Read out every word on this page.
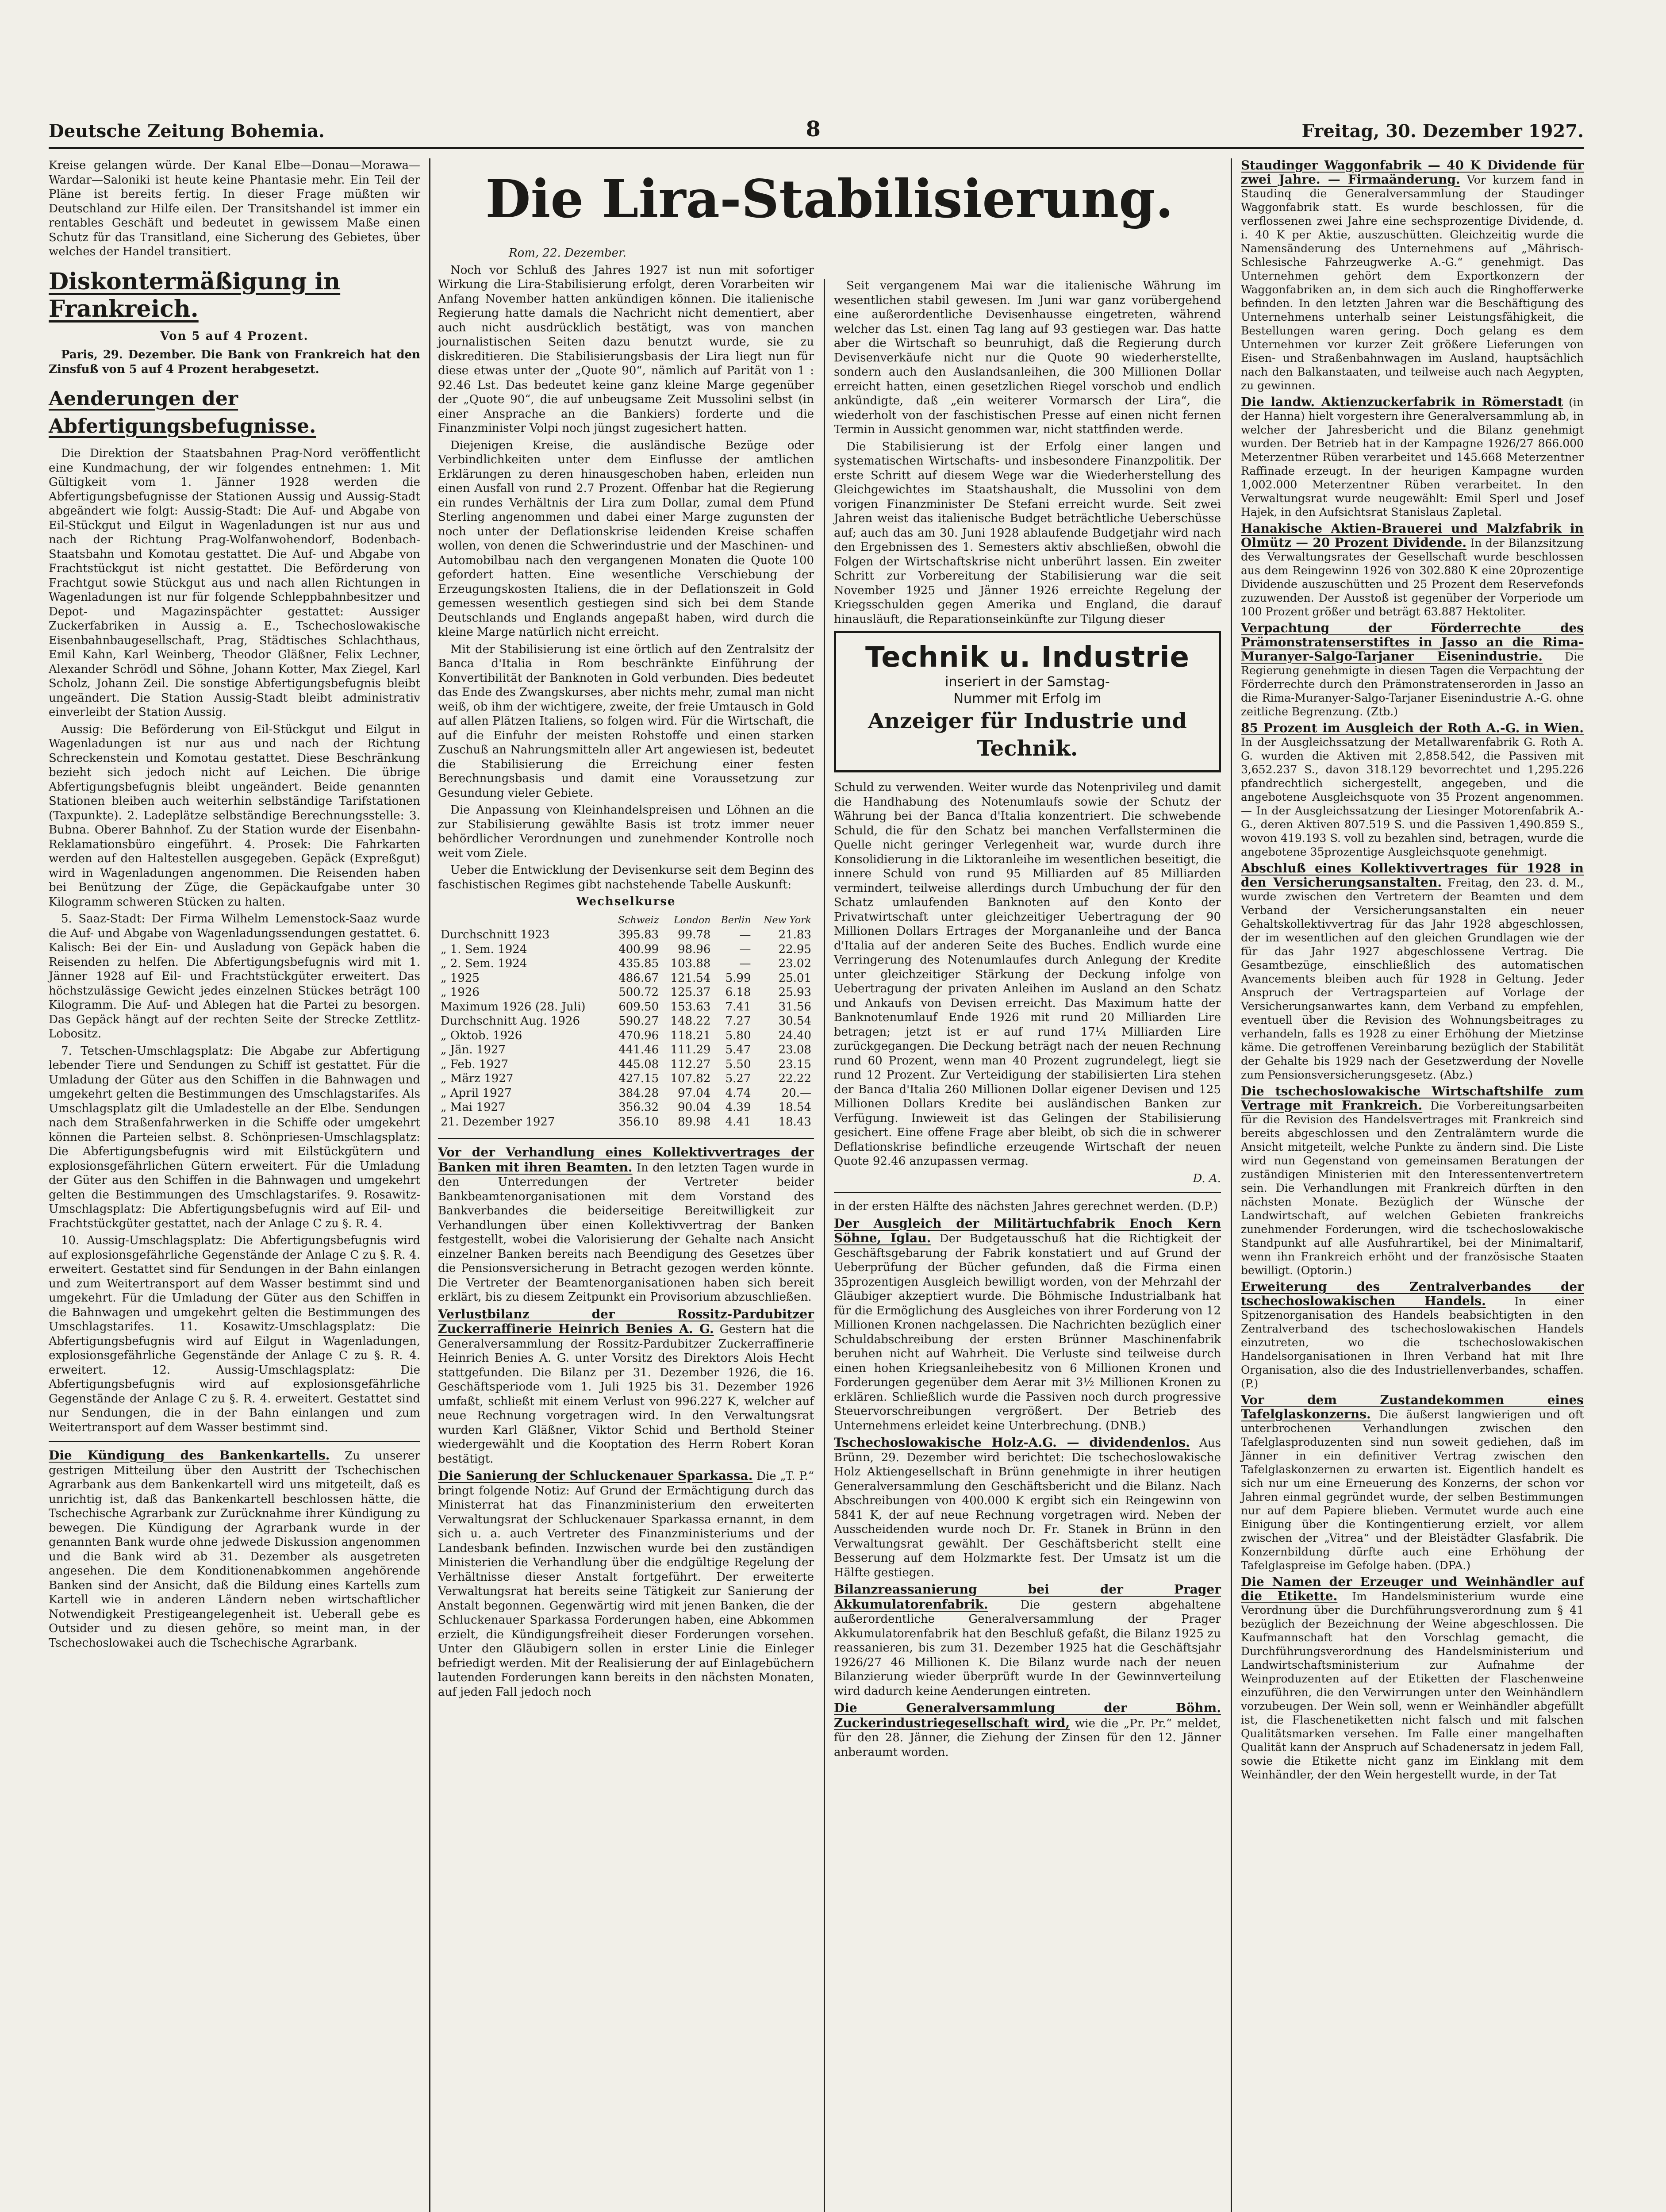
Deutsche Zeitung Bohemia.	8	Freitag, 30. Dezember 1927.

Kreise gelangen würde. Der Kanal Elbe—Donau—Morawa—Wardar—Saloniki ist heute keine Phantasie mehr. Ein Teil der Pläne ist bereits fertig. In dieser Frage müßten wir Deutschland zur Hilfe eilen. Der Transitshandel ist immer ein rentables Geschäft und bedeutet in gewissem Maße einen Schutz für das Transitland, eine Sicherung des Gebietes, über welches der Handel transitiert.

Diskontermäßigung in Frankreich.
Von 5 auf 4 Prozent.

Paris, 29. Dezember. Die Bank von Frankreich hat den Zinsfuß von 5 auf 4 Prozent herabgesetzt.

Aenderungen der Abfertigungsbefugnisse.

Die Direktion der Staatsbahnen Prag-Nord veröffentlicht eine Kundmachung, der wir folgendes entnehmen: 1. Mit Gültigkeit vom 1. Jänner 1928 werden die Abfertigungsbefugnisse der Stationen Aussig und Aussig-Stadt abgeändert wie folgt: Aussig-Stadt: Die Auf- und Abgabe von Eil-Stückgut und Eilgut in Wagenladungen ist nur aus und nach der Richtung Prag-Wolfanwohendorf, Bodenbach-Staatsbahn und Komotau gestattet. Die Auf- und Abgabe von Frachtstückgut ist nicht gestattet. Die Beförderung von Frachtgut sowie Stückgut aus und nach allen Richtungen in Wagenladungen ist nur für folgende Schleppbahnbesitzer und Depot- und Magazinspächter gestattet: Aussiger Zuckerfabriken in Aussig a. E., Tschechoslowakische Eisenbahnbaugesellschaft, Prag, Städtisches Schlachthaus, Emil Kahn, Karl Weinberg, Theodor Gläßner, Felix Lechner, Alexander Schrödl und Söhne, Johann Kotter, Max Ziegel, Karl Scholz, Johann Zeil. Die sonstige Abfertigungsbefugnis bleibt ungeändert. Die Station Aussig-Stadt bleibt administrativ einverleibt der Station Aussig.

Aussig: Die Beförderung von Eil-Stückgut und Eilgut in Wagenladungen ist nur aus und nach der Richtung Schreckenstein und Komotau gestattet. Diese Beschränkung bezieht sich jedoch nicht auf Leichen. Die übrige Abfertigungsbefugnis bleibt ungeändert. Beide genannten Stationen bleiben auch weiterhin selbständige Tarifstationen (Taxpunkte). 2. Ladeplätze selbständige Berechnungsstelle: 3. Bubna. Oberer Bahnhof. Zu der Station wurde der Eisenbahn-Reklamationsbüro eingeführt. 4. Prosek: Die Fahrkarten werden auf den Haltestellen ausgegeben. Gepäck (Expreßgut) wird in Wagenladungen angenommen. Die Reisenden haben bei Benützung der Züge, die Gepäckaufgabe unter 30 Kilogramm schweren Stücken zu halten.

5. Saaz-Stadt: Der Firma Wilhelm Lemenstock-Saaz wurde die Auf- und Abgabe von Wagenladungssendungen gestattet. 6. Kalisch: Bei der Ein- und Ausladung von Gepäck haben die Reisenden zu helfen. Die Abfertigungsbefugnis wird mit 1. Jänner 1928 auf Eil- und Frachtstückgüter erweitert. Das höchstzulässige Gewicht jedes einzelnen Stückes beträgt 100 Kilogramm. Die Auf- und Ablegen hat die Partei zu besorgen. Das Gepäck hängt auf der rechten Seite der Strecke Zettlitz-Lobositz.

7. Tetschen-Umschlagsplatz: Die Abgabe zur Abfertigung lebender Tiere und Sendungen zu Schiff ist gestattet. Für die Umladung der Güter aus den Schiffen in die Bahnwagen und umgekehrt gelten die Bestimmungen des Umschlagstarifes. Als Umschlagsplatz gilt die Umladestelle an der Elbe. Sendungen nach dem Straßenfahrwerken in die Schiffe oder umgekehrt können die Parteien selbst. 8. Schönpriesen-Umschlagsplatz: Die Abfertigungsbefugnis wird mit Eilstückgütern und explosionsgefährlichen Gütern erweitert. Für die Umladung der Güter aus den Schiffen in die Bahnwagen und umgekehrt gelten die Bestimmungen des Umschlagstarifes. 9. Rosawitz-Umschlagsplatz: Die Abfertigungsbefugnis wird auf Eil- und Frachtstückgüter gestattet, nach der Anlage C zu §. R. 4.

10. Aussig-Umschlagsplatz: Die Abfertigungsbefugnis wird auf explosionsgefährliche Gegenstände der Anlage C zu §. R. 4. erweitert. Gestattet sind für Sendungen in der Bahn einlangen und zum Weitertransport auf dem Wasser bestimmt sind und umgekehrt. Für die Umladung der Güter aus den Schiffen in die Bahnwagen und umgekehrt gelten die Bestimmungen des Umschlagstarifes. 11. Kosawitz-Umschlagsplatz: Die Abfertigungsbefugnis wird auf Eilgut in Wagenladungen, explosionsgefährliche Gegenstände der Anlage C zu §. R. 4. erweitert. 12. Aussig-Umschlagsplatz: Die Abfertigungsbefugnis wird auf explosionsgefährliche Gegenstände der Anlage C zu §. R. 4. erweitert. Gestattet sind nur Sendungen, die in der Bahn einlangen und zum Weitertransport auf dem Wasser bestimmt sind.

Die Kündigung des Bankenkartells. Zu unserer gestrigen Mitteilung über den Austritt der Tschechischen Agrarbank aus dem Bankenkartell wird uns mitgeteilt, daß es unrichtig ist, daß das Bankenkartell beschlossen hätte, die Tschechische Agrarbank zur Zurücknahme ihrer Kündigung zu bewegen. Die Kündigung der Agrarbank wurde in der genannten Bank wurde ohne jedwede Diskussion angenommen und die Bank wird ab 31. Dezember als ausgetreten angesehen. Die dem Konditionenabkommen angehörende Banken sind der Ansicht, daß die Bildung eines Kartells zum Kartell wie in anderen Ländern neben wirtschaftlicher Notwendigkeit Prestigeangelegenheit ist. Ueberall gebe es Outsider und zu diesen gehöre, so meint man, in der Tschechoslowakei auch die Tschechische Agrarbank.

Die Lira-Stabilisierung.

Rom, 22. Dezember.

Noch vor Schluß des Jahres 1927 ist nun mit sofortiger Wirkung die Lira-Stabilisierung erfolgt, deren Vorarbeiten wir Anfang November hatten ankündigen können. Die italienische Regierung hatte damals die Nachricht nicht dementiert, aber auch nicht ausdrücklich bestätigt, was von manchen journalistischen Seiten dazu benutzt wurde, sie zu diskreditieren. Die Stabilisierungsbasis der Lira liegt nun für diese etwas unter der „Quote 90“, nämlich auf Parität von 1 : 92.46 Lst. Das bedeutet keine ganz kleine Marge gegenüber der „Quote 90“, die auf unbeugsame Zeit Mussolini selbst (in einer Ansprache an die Bankiers) forderte und die Finanzminister Volpi noch jüngst zugesichert hatten.

Diejenigen Kreise, die ausländische Bezüge oder Verbindlichkeiten unter dem Einflusse der amtlichen Erklärungen zu deren hinausgeschoben haben, erleiden nun einen Ausfall von rund 2.7 Prozent. Offenbar hat die Regierung ein rundes Verhältnis der Lira zum Dollar, zumal dem Pfund Sterling angenommen und dabei einer Marge zugunsten der noch unter der Deflationskrise leidenden Kreise schaffen wollen, von denen die Schwerindustrie und der Maschinen- und Automobilbau nach den vergangenen Monaten die Quote 100 gefordert hatten. Eine wesentliche Verschiebung der Erzeugungskosten Italiens, die in der Deflationszeit in Gold gemessen wesentlich gestiegen sind sich bei dem Stande Deutschlands und Englands angepaßt haben, wird durch die kleine Marge natürlich nicht erreicht.

Mit der Stabilisierung ist eine örtlich auf den Zentralsitz der Banca d'Italia in Rom beschränkte Einführung der Konvertibilität der Banknoten in Gold verbunden. Dies bedeutet das Ende des Zwangskurses, aber nichts mehr, zumal man nicht weiß, ob ihm der wichtigere, zweite, der freie Umtausch in Gold auf allen Plätzen Italiens, so folgen wird. Für die Wirtschaft, die auf die Einfuhr der meisten Rohstoffe und einen starken Zuschuß an Nahrungsmitteln aller Art angewiesen ist, bedeutet die Stabilisierung die Erreichung einer festen Berechnungsbasis und damit eine Voraussetzung zur Gesundung vieler Gebiete.

Die Anpassung von Kleinhandelspreisen und Löhnen an die zur Stabilisierung gewählte Basis ist trotz immer neuer behördlicher Verordnungen und zunehmender Kontrolle noch weit vom Ziele.

Ueber die Entwicklung der Devisenkurse seit dem Beginn des faschistischen Regimes gibt nachstehende Tabelle Auskunft:

Wechselkurse
	Schweiz	London	Berlin	New York
Durchschnitt 1923	395.83	99.78	—	21.83
„ 1. Sem. 1924	400.99	98.96	—	22.95
„ 2. Sem. 1924	435.85	103.88	—	23.02
„ 1925	486.67	121.54	5.99	25.01
„ 1926	500.72	125.37	6.18	25.93
Maximum 1926 (28. Juli)	609.50	153.63	7.41	31.56
Durchschnitt Aug. 1926	590.27	148.22	7.27	30.54
„ Oktob. 1926	470.96	118.21	5.80	24.40
„ Jän. 1927	441.46	111.29	5.47	23.08
„ Feb. 1927	445.08	112.27	5.50	23.15
„ März 1927	427.15	107.82	5.27	22.22
„ April 1927	384.28	97.04	4.74	20.—
„ Mai 1927	356.32	90.04	4.39	18.54
21. Dezember 1927	356.10	89.98	4.41	18.43

Vor der Verhandlung eines Kollektivvertrages der Banken mit ihren Beamten. In den letzten Tagen wurde in den Unterredungen der Vertreter beider Bankbeamtenorganisationen mit dem Vorstand des Bankverbandes die beiderseitige Bereitwilligkeit zur Verhandlungen über einen Kollektivvertrag der Banken festgestellt, wobei die Valorisierung der Gehalte nach Ansicht einzelner Banken bereits nach Beendigung des Gesetzes über die Pensionsversicherung in Betracht gezogen werden könnte. Die Vertreter der Beamtenorganisationen haben sich bereit erklärt, bis zu diesem Zeitpunkt ein Provisorium abzuschließen.

Verlustbilanz der Rossitz-Pardubitzer Zuckerraffinerie Heinrich Benies A. G. Gestern hat die Generalversammlung der Rossitz-Pardubitzer Zuckerraffinerie Heinrich Benies A. G. unter Vorsitz des Direktors Alois Hecht stattgefunden. Die Bilanz per 31. Dezember 1926, die 16. Geschäftsperiode vom 1. Juli 1925 bis 31. Dezember 1926 umfaßt, schließt mit einem Verlust von 996.227 K, welcher auf neue Rechnung vorgetragen wird. In den Verwaltungsrat wurden Karl Gläßner, Viktor Schid und Berthold Steiner wiedergewählt und die Kooptation des Herrn Robert Koran bestätigt.

Die Sanierung der Schluckenauer Sparkassa. Die „T. P.“ bringt folgende Notiz: Auf Grund der Ermächtigung durch das Ministerrat hat das Finanzministerium den erweiterten Verwaltungsrat der Schluckenauer Sparkassa ernannt, in dem sich u. a. auch Vertreter des Finanzministeriums und der Landesbank befinden. Inzwischen wurde bei den zuständigen Ministerien die Verhandlung über die endgültige Regelung der Verhältnisse dieser Anstalt fortgeführt. Der erweiterte Verwaltungsrat hat bereits seine Tätigkeit zur Sanierung der Anstalt begonnen. Gegenwärtig wird mit jenen Banken, die der Schluckenauer Sparkassa Forderungen haben, eine Abkommen erzielt, die Kündigungsfreiheit dieser Forderungen vorsehen. Unter den Gläubigern sollen in erster Linie die Einleger befriedigt werden. Mit der Realisierung der auf Einlagebüchern lautenden Forderungen kann bereits in den nächsten Monaten, auf jeden Fall jedoch noch

Seit vergangenem Mai war die italienische Währung im wesentlichen stabil gewesen. Im Juni war ganz vorübergehend eine außerordentliche Devisenhausse eingetreten, während welcher das Lst. einen Tag lang auf 93 gestiegen war. Das hatte aber die Wirtschaft so beunruhigt, daß die Regierung durch Devisenverkäufe nicht nur die Quote 90 wiederherstellte, sondern auch den Auslandsanleihen, die 300 Millionen Dollar erreicht hatten, einen gesetzlichen Riegel vorschob und endlich ankündigte, daß „ein weiterer Vormarsch der Lira“, die wiederholt von der faschistischen Presse auf einen nicht fernen Termin in Aussicht genommen war, nicht stattfinden werde.

Die Stabilisierung ist der Erfolg einer langen und systematischen Wirtschafts- und insbesondere Finanzpolitik. Der erste Schritt auf diesem Wege war die Wiederherstellung des Gleichgewichtes im Staatshaushalt, die Mussolini von dem vorigen Finanzminister De Stefani erreicht wurde. Seit zwei Jahren weist das italienische Budget beträchtliche Ueberschüsse auf; auch das am 30. Juni 1928 ablaufende Budgetjahr wird nach den Ergebnissen des 1. Semesters aktiv abschließen, obwohl die Folgen der Wirtschaftskrise nicht unberührt lassen. Ein zweiter Schritt zur Vorbereitung der Stabilisierung war die seit November 1925 und Jänner 1926 erreichte Regelung der Kriegsschulden gegen Amerika und England, die darauf hinausläuft, die Reparationseinkünfte zur Tilgung dieser

Technik u. Industrie
inseriert in der Samstag-
Nummer mit Erfolg im
Anzeiger für Industrie und Technik.

Schuld zu verwenden. Weiter wurde das Notenprivileg und damit die Handhabung des Notenumlaufs sowie der Schutz der Währung bei der Banca d'Italia konzentriert. Die schwebende Schuld, die für den Schatz bei manchen Verfallsterminen die Quelle nicht geringer Verlegenheit war, wurde durch ihre Konsolidierung in die Liktoranleihe im wesentlichen beseitigt, die innere Schuld von rund 95 Milliarden auf 85 Milliarden vermindert, teilweise allerdings durch Umbuchung der für den Schatz umlaufenden Banknoten auf den Konto der Privatwirtschaft unter gleichzeitiger Uebertragung der 90 Millionen Dollars Ertrages der Morgananleihe und der Banca d'Italia auf der anderen Seite des Buches. Endlich wurde eine Verringerung des Notenumlaufes durch Anlegung der Kredite unter gleichzeitiger Stärkung der Deckung infolge von Uebertragung der privaten Anleihen im Ausland an den Schatz und Ankaufs von Devisen erreicht. Das Maximum hatte der Banknotenumlauf Ende 1926 mit rund 20 Milliarden Lire betragen; jetzt ist er auf rund 17¼ Milliarden Lire zurückgegangen. Die Deckung beträgt nach der neuen Rechnung rund 60 Prozent, wenn man 40 Prozent zugrundelegt, liegt sie rund 12 Prozent. Zur Verteidigung der stabilisierten Lira stehen der Banca d'Italia 260 Millionen Dollar eigener Devisen und 125 Millionen Dollars Kredite bei ausländischen Banken zur Verfügung. Inwieweit ist das Gelingen der Stabilisierung gesichert. Eine offene Frage aber bleibt, ob sich die in schwerer Deflationskrise befindliche erzeugende Wirtschaft der neuen Quote 92.46 anzupassen vermag.

D. A.

in der ersten Hälfte des nächsten Jahres gerechnet werden. (D.P.)

Der Ausgleich der Militärtuchfabrik Enoch Kern Söhne, Iglau. Der Budgetausschuß hat die Richtigkeit der Geschäftsgebarung der Fabrik konstatiert und auf Grund der Ueberprüfung der Bücher gefunden, daß die Firma einen 35prozentigen Ausgleich bewilligt worden, von der Mehrzahl der Gläubiger akzeptiert wurde. Die Böhmische Industrialbank hat für die Ermöglichung des Ausgleiches von ihrer Forderung von 12 Millionen Kronen nachgelassen. Die Nachrichten bezüglich einer Schuldabschreibung der ersten Brünner Maschinenfabrik beruhen nicht auf Wahrheit. Die Verluste sind teilweise durch einen hohen Kriegsanleihebesitz von 6 Millionen Kronen und Forderungen gegenüber dem Aerar mit 3½ Millionen Kronen zu erklären. Schließlich wurde die Passiven noch durch progressive Steuervorschreibungen vergrößert. Der Betrieb des Unternehmens erleidet keine Unterbrechung. (DNB.)

Tschechoslowakische Holz-A.G. — dividendenlos. Aus Brünn, 29. Dezember wird berichtet: Die tschechoslowakische Holz Aktiengesellschaft in Brünn genehmigte in ihrer heutigen Generalversammlung den Geschäftsbericht und die Bilanz. Nach Abschreibungen von 400.000 K ergibt sich ein Reingewinn von 5841 K, der auf neue Rechnung vorgetragen wird. Neben der Ausscheidenden wurde noch Dr. Fr. Stanek in Brünn in den Verwaltungsrat gewählt. Der Geschäftsbericht stellt eine Besserung auf dem Holzmarkte fest. Der Umsatz ist um die Hälfte gestiegen.

Bilanzreassanierung bei der Prager Akkumulatorenfabrik.	Die gestern abgehaltene außerordentliche Generalversammlung der Prager Akkumulatorenfabrik hat den Beschluß gefaßt, die Bilanz 1925 zu reassanieren, bis zum 31. Dezember 1925 hat die Geschäftsjahr 1926/27 46 Millionen K. Die Bilanz wurde nach der neuen Bilanzierung wieder überprüft wurde In der Gewinnverteilung wird dadurch keine Aenderungen eintreten.

Die Generalversammlung der Böhm. Zuckerindustriegesellschaft wird, wie die „Pr. Pr.“ meldet, für den 28. Jänner, die Ziehung der Zinsen für den 12. Jänner anberaumt worden.

Staudinger Waggonfabrik — 40 K Dividende für zwei Jahre. — Firmaänderung. Vor kurzem fand in Staudinq die Generalversammlung der Staudinger Waggonfabrik statt. Es wurde beschlossen, für die verflossenen zwei Jahre eine sechsprozentige Dividende, d. i. 40 K per Aktie, auszuschütten. Gleichzeitig wurde die Namensänderung des Unternehmens auf „Mährisch-Schlesische Fahrzeugwerke A.-G.“ genehmigt. Das Unternehmen gehört dem Exportkonzern der Waggonfabriken an, in dem sich auch die Ringhofferwerke befinden. In den letzten Jahren war die Beschäftigung des Unternehmens unterhalb seiner Leistungsfähigkeit, die Bestellungen waren gering. Doch gelang es dem Unternehmen vor kurzer Zeit größere Lieferungen von Eisen- und Straßenbahnwagen im Ausland, hauptsächlich nach den Balkanstaaten, und teilweise auch nach Aegypten, zu gewinnen.

Die landw. Aktienzuckerfabrik in Römerstadt (in der Hanna) hielt vorgestern ihre Generalversammlung ab, in welcher der Jahresbericht und die Bilanz genehmigt wurden. Der Betrieb hat in der Kampagne 1926/27 866.000 Meterzentner Rüben verarbeitet und 145.668 Meterzentner Raffinade erzeugt. In der heurigen Kampagne wurden 1,002.000 Meterzentner Rüben verarbeitet. In den Verwaltungsrat wurde neugewählt: Emil Sperl und Josef Hajek, in den Aufsichtsrat Stanislaus Zapletal.

Hanakische Aktien-Brauerei und Malzfabrik in Olmütz — 20 Prozent Dividende. In der Bilanzsitzung des Verwaltungsrates der Gesellschaft wurde beschlossen aus dem Reingewinn 1926 von 302.880 K eine 20prozentige Dividende auszuschütten und 25 Prozent dem Reservefonds zuzuwenden. Der Ausstoß ist gegenüber der Vorperiode um 100 Prozent größer und beträgt 63.887 Hektoliter.

Verpachtung der Förderrechte des Prämonstratenserstiftes in Jasso an die Rima-Muranyer-Salgo-Tarjaner Eisenindustrie. Die Regierung genehmigte in diesen Tagen die Verpachtung der Förderrechte durch den Prämonstratenserorden in Jasso an die Rima-Muranyer-Salgo-Tarjaner Eisenindustrie A.-G. ohne zeitliche Begrenzung. (Ztb.)

85 Prozent im Ausgleich der Roth A.-G. in Wien. In der Ausgleichssatzung der Metallwarenfabrik G. Roth A. G. wurden die Aktiven mit 2,858.542, die Passiven mit 3,652.237 S., davon 318.129 bevorrechtet und 1,295.226 pfandrechtlich sichergestellt, angegeben, und die angebotene Ausgleichsquote von 35 Prozent angenommen. — In der Ausgleichssatzung der Liesinger Motorenfabrik A.-G., deren Aktiven 807.519 S. und die Passiven 1,490.859 S., wovon 419.193 S. voll zu bezahlen sind, betragen, wurde die angebotene 35prozentige Ausgleichsquote genehmigt.

Abschluß eines Kollektivvertrages für 1928 in den Versicherungsanstalten. Freitag, den 23. d. M., wurde zwischen den Vertretern der Beamten und dem Verband der Versicherungsanstalten ein neuer Gehaltskollektivvertrag für das Jahr 1928 abgeschlossen, der im wesentlichen auf den gleichen Grundlagen wie der für das Jahr 1927 abgeschlossene Vertrag. Die Gesamtbezüge, einschließlich des automatischen Avancements bleiben auch für 1928 in Geltung. Jeder Anspruch der Vertragsparteien auf Vorlage der Versicherungsanwartes kann, dem Verband zu empfehlen, eventuell über die Revision des Wohnungsbeitrages zu verhandeln, falls es 1928 zu einer Erhöhung der Mietzinse käme. Die getroffenen Vereinbarung bezüglich der Stabilität der Gehalte bis 1929 nach der Gesetzwerdung der Novelle zum Pensionsversicherungsgesetz. (Abz.)

Die tschechoslowakische Wirtschaftshilfe zum Vertrage mit Frankreich. Die Vorbereitungsarbeiten für die Revision des Handelsvertrages mit Frankreich sind bereits abgeschlossen und den Zentralämtern wurde die Ansicht mitgeteilt, welche Punkte zu ändern sind. Die Liste wird nun Gegenstand von gemeinsamen Beratungen der zuständigen Ministerien mit den Interessentenvertretern sein. Die Verhandlungen mit Frankreich dürften in den nächsten Monate. Bezüglich der Wünsche der Landwirtschaft, auf welchen Gebieten frankreichs zunehmender Forderungen, wird die tschechoslowakische Standpunkt auf alle Ausfuhrartikel, bei der Minimaltarif, wenn ihn Frankreich erhöht und der französische Staaten bewilligt. (Optorin.)

Erweiterung des Zentralverbandes der tschechoslowakischen Handels.	In einer Spitzenorganisation des Handels beabsichtigten in den Zentralverband des tschechoslowakischen Handels einzutreten, wo die tschechoslowakischen Handelsorganisationen in Ihren Verband hat mit Ihre Organisation, also die des Industriellenverbandes, schaffen. (P.)

Vor dem Zustandekommen eines Tafelglaskonzerns. Die äußerst langwierigen und oft unterbrochenen Verhandlungen zwischen den Tafelglasproduzenten sind nun soweit gediehen, daß im Jänner in ein definitiver Vertrag zwischen den Tafelglaskonzernen zu erwarten ist. Eigentlich handelt es sich nur um eine Erneuerung des Konzerns, der schon vor Jahren einmal gegründet wurde, der selben Bestimmungen nur auf dem Papiere blieben. Vermutet wurde auch eine Einigung über die Kontingentierung erzielt, vor allem zwischen der „Vitrea“ und der Bleistädter Glasfabrik. Die Konzernbildung dürfte auch eine Erhöhung der Tafelglaspreise im Gefolge haben. (DPA.)

Die Namen der Erzeuger und Weinhändler auf die Etikette. Im Handelsministerium wurde eine Verordnung über die Durchführungsverordnung zum § 41 bezüglich der Bezeichnung der Weine abgeschlossen. Die Kaufmannschaft hat den Vorschlag gemacht, die Durchführungsverordnung des Handelsministerium und Landwirtschaftsministerium zur Aufnahme der Weinproduzenten auf der Etiketten der Flaschenweine einzuführen, die den Verwirrungen unter den Weinhändlern vorzubeugen. Der Wein soll, wenn er Weinhändler abgefüllt ist, die Flaschenetiketten nicht falsch und mit falschen Qualitätsmarken versehen. Im Falle einer mangelhaften Qualität kann der Anspruch auf Schadenersatz in jedem Fall, sowie die Etikette nicht ganz im Einklang mit dem Weinhändler, der den Wein hergestellt wurde, in der Tat
